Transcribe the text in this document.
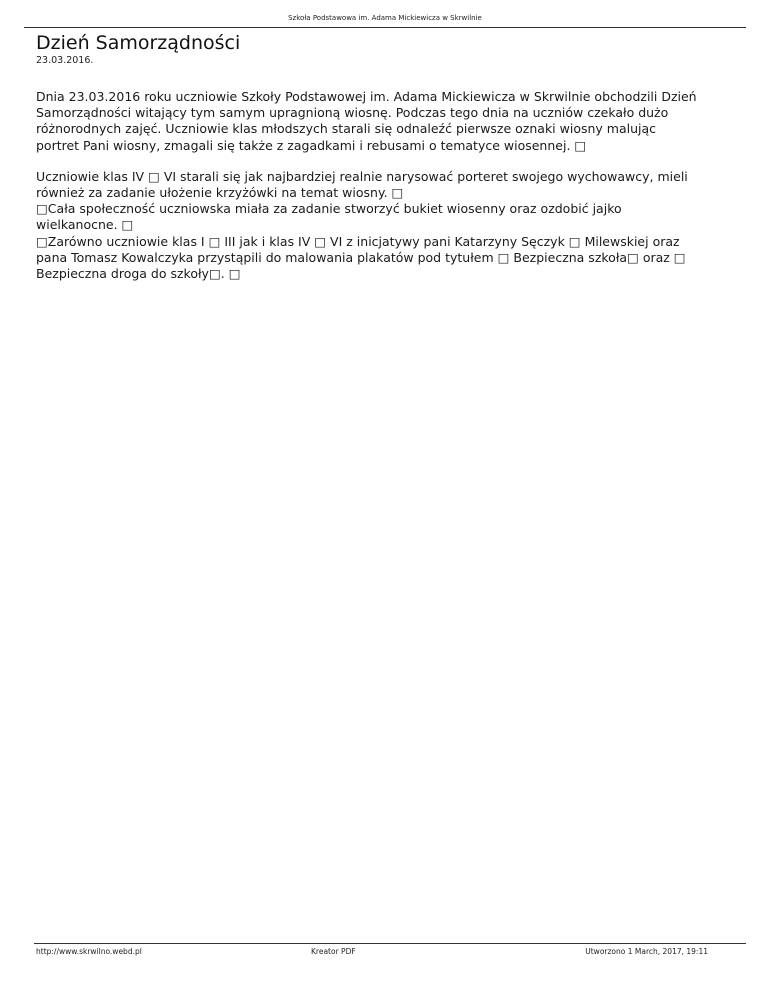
Szkoła Podstawowa im. Adama Mickiewicza w Skrwilnie
Dzień Samorządności
23.03.2016.

Dnia 23.03.2016 roku uczniowie Szkoły Podstawowej im. Adama Mickiewicza w Skrwilnie obchodzili Dzień
Samorządności witający tym samym upragnioną wiosnę. Podczas tego dnia na uczniów czekało dużo
różnorodnych zajęć. Uczniowie klas młodszych starali się odnaleźć pierwsze oznaki wiosny malując
portret Pani wiosny, zmagali się także z zagadkami i rebusami o tematyce wiosennej. □

Uczniowie klas IV □ VI starali się jak najbardziej realnie narysować porteret swojego wychowawcy, mieli
również za zadanie ułożenie krzyżówki na temat wiosny. □
□Cała społeczność uczniowska miała za zadanie stworzyć bukiet wiosenny oraz ozdobić jajko
wielkanocne. □
□Zarówno uczniowie klas I □ III jak i klas IV □ VI z inicjatywy pani Katarzyny Sęczyk □ Milewskiej oraz
pana Tomasz Kowalczyka przystąpili do malowania plakatów pod tytułem □ Bezpieczna szkoła□ oraz □
Bezpieczna droga do szkoły□. □

http://www.skrwilno.webd.pl	Kreator PDF	Utworzono 1 March, 2017, 19:11
